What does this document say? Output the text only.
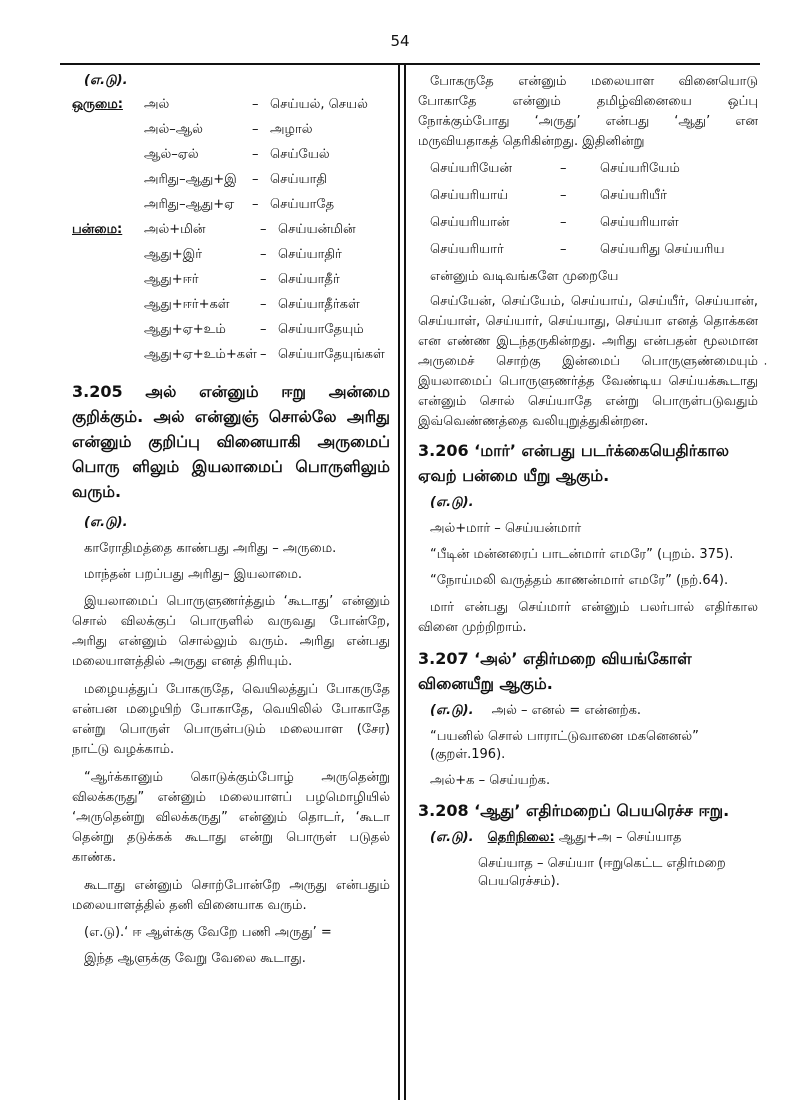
54
(எ.டு).
ஒருமை:	அல்	– செய்யல், செயல்
அல்–ஆல்	– அழால்
ஆல்–ஏல்	– செய்யேல்
அரிது–ஆது+இ	– செய்யாதி
அரிது–ஆது+ஏ	– செய்யாதே
பன்மை:	அல்+மின்	– செய்யன்மின்
ஆது+இர்	– செய்யாதிர்
ஆது+ஈர்	– செய்யாதீர்
ஆது+ஈர்+கள்	– செய்யாதீர்கள்
ஆது+ஏ+உம்	– செய்யாதேயும்
ஆது+ஏ+உம்+கள் – செய்யாதேயுங்கள்
3.205 அல் என்னும் ஈறு அன்மை குறிக்கும். அல் என்னுஞ் சொல்லே அரிது என்னும் குறிப்பு வினையாகி அருமைப் பொரு ளிலும் இயலாமைப் பொருளிலும் வரும்.
(எ.டு).
காரோதிமத்தை காண்பது அரிது – அருமை.
மாந்தன் பறப்பது அரிது– இயலாமை.
இயலாமைப் பொருளுணர்த்தும் ‘கூடாது’ என்னும் சொல் விலக்குப் பொருளில் வருவது போன்றே, அரிது என்னும் சொல்லும் வரும். அரிது என்பது மலையாளத்தில் அருது எனத் திரியும்.
மழையத்துப் போகருதே, வெயிலத்துப் போகருதே என்பன மழையிற் போகாதே, வெயிலில் போகாதே என்று பொருள் பொருள்படும் மலையாள (சேர) நாட்டு வழக்காம்.
“ஆர்க்கானும் கொடுக்கும்போழ் அருதென்று விலக்கருது” என்னும் மலையாளப் பழமொழியில் ‘அருதென்று விலக்கருது” என்னும் தொடர், ‘கூடா தென்று தடுக்கக் கூடாது என்று பொருள் படுதல் காண்க.
கூடாது என்னும் சொற்போன்றே அருது என்பதும் மலையாளத்தில் தனி வினையாக வரும்.
(எ.டு).‘ ஈ ஆள்க்கு வேறே பணி அருது’ =
இந்த ஆளுக்கு வேறு வேலை கூடாது.
போகருதே என்னும் மலையாள வினையொடு போகாதே என்னும் தமிழ்வினையை ஒப்பு நோக்கும்போது ‘அருது’ என்பது ‘ஆது’ என மருவியதாகத் தெரிகின்றது. இதினின்று
செய்யரியேன்	–	செய்யரியேம்
செய்யரியாய்	–	செய்யரியீர்
செய்யரியான்	–	செய்யரியாள்
செய்யரியார்	–	செய்யரிது செய்யரிய
என்னும் வடிவங்களே முறையே
செய்யேன், செய்யேம், செய்யாய், செய்யீர், செய்யான், செய்யாள், செய்யார், செய்யாது, செய்யா எனத் தொக்கன என எண்ண இடந்தருகின்றது. அரிது என்பதன் மூலமான அருமைச் சொற்கு இன்மைப் பொருளுண்மையும் இயலாமைப் பொருளுணர்த்த வேண்டிய செய்யக்கூடாது என்னும் சொல் செய்யாதே என்று பொருள்படுவதும் இவ்வெண்ணத்தை வலியுறுத்துகின்றன.
3.206 ‘மார்’ என்பது படர்க்கையெதிர்கால ஏவற் பன்மை யீறு ஆகும்.
(எ.டு).
அல்+மார் – செய்யன்மார்
“பீடின் மன்னரைப் பாடன்மார் எமரே” (புறம். 375).
“நோய்மலி வருத்தம் காணன்மார் எமரே” (நற்.64).
மார் என்பது செய்மார் என்னும் பலர்பால் எதிர்கால வினை முற்றிறாம்.
3.207 ‘அல்’ எதிர்மறை வியங்கோள் வினையீறு ஆகும்.
(எ.டு). அல் – எனல் = என்னற்க.
“பயனில் சொல் பாராட்டுவானை மகனெனல்” (குறள்.196).
அல்+க – செய்யற்க.
3.208 ‘ஆது’ எதிர்மறைப் பெயரெச்ச ஈறு.
(எ.டு). தெரிநிலை: ஆது+அ – செய்யாத
செய்யாத – செய்யா (ஈறுகெட்ட எதிர்மறை பெயரெச்சம்).
⸱
